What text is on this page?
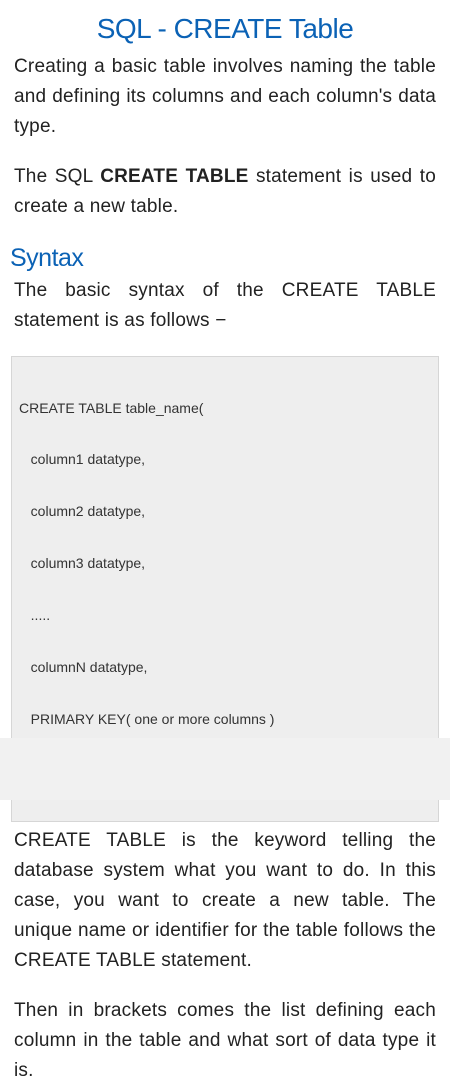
SQL - CREATE Table

Creating a basic table involves naming the table and defining its columns and each column's data type.

The SQL CREATE TABLE statement is used to create a new table.

Syntax

The basic syntax of the CREATE TABLE statement is as follows −

CREATE TABLE table_name(

column1 datatype,

column2 datatype,

column3 datatype,

.....

columnN datatype,

PRIMARY KEY( one or more columns )

CREATE TABLE is the keyword telling the database system what you want to do. In this case, you want to create a new table. The unique name or identifier for the table follows the CREATE TABLE statement.

Then in brackets comes the list defining each column in the table and what sort of data type it is.
